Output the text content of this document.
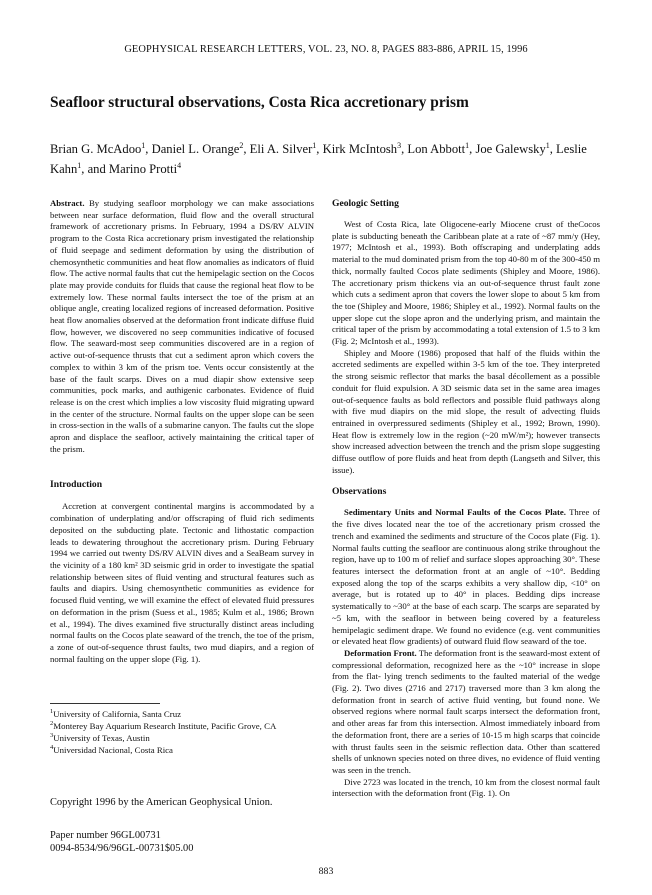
GEOPHYSICAL RESEARCH LETTERS, VOL. 23, NO. 8, PAGES 883-886, APRIL 15, 1996
Seafloor structural observations, Costa Rica accretionary prism

Brian G. McAdoo$^1$, Daniel L. Orange$^2$, Eli A. Silver$^1$, Kirk McIntosh$^3$, Lon Abbott$^1$, Joe Galewsky$^1$, Leslie Kahn$^1$, and Marino Protti$^4$

Abstract. By studying seafloor morphology we can make associations between near surface deformation, fluid flow and the overall structural framework of accretionary prisms. In February, 1994 a DS/RV ALVIN program to the Costa Rica accretionary prism investigated the relationship of fluid seepage and sediment deformation by using the distribution of chemosynthetic communities and heat flow anomalies as indicators of fluid flow. The active normal faults that cut the hemipelagic section on the Cocos plate may provide conduits for fluids that cause the regional heat flow to be extremely low. These normal faults intersect the toe of the prism at an oblique angle, creating localized regions of increased deformation. Positive heat flow anomalies observed at the deformation front indicate diffuse fluid flow, however, we discovered no seep communities indicative of focused flow. The seaward-most seep communities discovered are in a region of active out-of-sequence thrusts that cut a sediment apron which covers the complex to within 3 km of the prism toe. Vents occur consistently at the base of the fault scarps. Dives on a mud diapir show extensive seep communities, pock marks, and authigenic carbonates. Evidence of fluid release is on the crest which implies a low viscosity fluid migrating upward in the center of the structure. Normal faults on the upper slope can be seen in cross-section in the walls of a submarine canyon. The faults cut the slope apron and displace the seafloor, actively maintaining the critical taper of the prism.

Introduction

Accretion at convergent continental margins is accommodated by a combination of underplating and/or offscraping of fluid rich sediments deposited on the subducting plate. Tectonic and lithostatic compaction leads to dewatering throughout the accretionary prism. During February 1994 we carried out twenty DS/RV ALVIN dives and a SeaBeam survey in the vicinity of a 180 km² 3D seismic grid in order to investigate the spatial relationship between sites of fluid venting and structural features such as faults and diapirs. Using chemosynthetic communities as evidence for focused fluid venting, we will examine the effect of elevated fluid pressures on deformation in the prism (Suess et al., 1985; Kulm et al., 1986; Brown et al., 1994). The dives examined five structurally distinct areas including normal faults on the Cocos plate seaward of the trench, the toe of the prism, a zone of out-of-sequence thrust faults, two mud diapirs, and a region of normal faulting on the upper slope (Fig. 1).

$^1$University of California, Santa Cruz
$^2$Monterey Bay Aquarium Research Institute, Pacific Grove, CA
$^3$University of Texas, Austin
$^4$Universidad Nacional, Costa Rica
Copyright 1996 by the American Geophysical Union.
Paper number 96GL00731
0094-8534/96/96GL-00731$05.00
Geologic Setting

West of Costa Rica, late Oligocene-early Miocene crust of theCocos plate is subducting beneath the Caribbean plate at a rate of ~87 mm/y (Hey, 1977; McIntosh et al., 1993). Both offscraping and underplating adds material to the mud dominated prism from the top 40-80 m of the 300-450 m thick, normally faulted Cocos plate sediments (Shipley and Moore, 1986). The accretionary prism thickens via an out-of-sequence thrust fault zone which cuts a sediment apron that covers the lower slope to about 5 km from the toe (Shipley and Moore, 1986; Shipley et al., 1992). Normal faults on the upper slope cut the slope apron and the underlying prism, and maintain the critical taper of the prism by accommodating a total extension of 1.5 to 3 km (Fig. 2; McIntosh et al., 1993).

Shipley and Moore (1986) proposed that half of the fluids within the accreted sediments are expelled within 3-5 km of the toe. They interpreted the strong seismic reflector that marks the basal décollement as a possible conduit for fluid expulsion. A 3D seismic data set in the same area images out-of-sequence faults as bold reflectors and possible fluid pathways along with five mud diapirs on the mid slope, the result of advecting fluids entrained in overpressured sediments (Shipley et al., 1992; Brown, 1990). Heat flow is extremely low in the region (~20 mW/m²); however transects show increased advection between the trench and the prism slope suggesting diffuse outflow of pore fluids and heat from depth (Langseth and Silver, this issue).

Observations

Sedimentary Units and Normal Faults of the Cocos Plate. Three of the five dives located near the toe of the accretionary prism crossed the trench and examined the sediments and structure of the Cocos plate (Fig. 1). Normal faults cutting the seafloor are continuous along strike throughout the region, have up to 100 m of relief and surface slopes approaching 30°. These features intersect the deformation front at an angle of ~10°. Bedding exposed along the top of the scarps exhibits a very shallow dip, <10° on average, but is rotated up to 40° in places. Bedding dips increase systematically to ~30° at the base of each scarp. The scarps are separated by ~5 km, with the seafloor in between being covered by a featureless hemipelagic sediment drape. We found no evidence (e.g. vent communities or elevated heat flow gradients) of outward fluid flow seaward of the toe.

Deformation Front. The deformation front is the seaward-most extent of compressional deformation, recognized here as the ~10° increase in slope from the flat- lying trench sediments to the faulted material of the wedge (Fig. 2). Two dives (2716 and 2717) traversed more than 3 km along the deformation front in search of active fluid venting, but found none. We observed regions where normal fault scarps intersect the deformation front, and other areas far from this intersection. Almost immediately inboard from the deformation front, there are a series of 10-15 m high scarps that coincide with thrust faults seen in the seismic reflection data. Other than scattered shells of unknown species noted on three dives, no evidence of fluid venting was seen in the trench.

Dive 2723 was located in the trench, 10 km from the closest normal fault intersection with the deformation front (Fig. 1). On

883
